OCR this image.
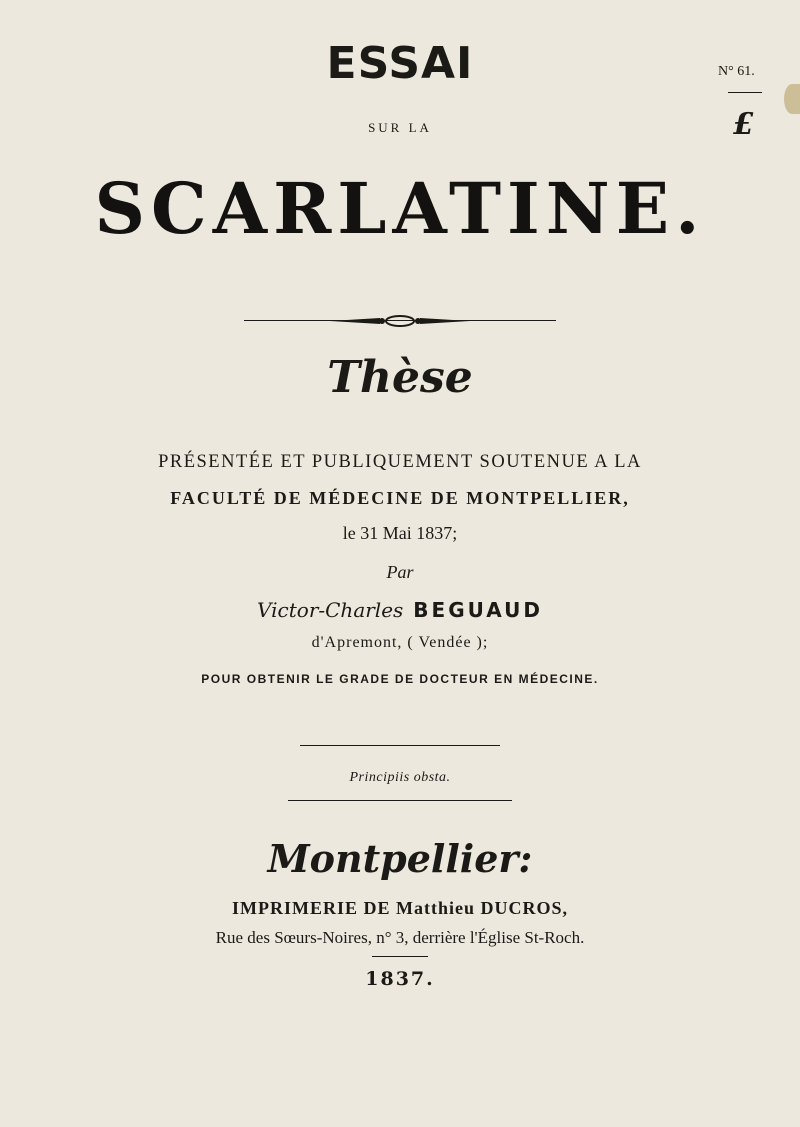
ESSAI	N° 61.
£
SUR LA
SCARLATINE.
Thèse
PRÉSENTÉE ET PUBLIQUEMENT SOUTENUE A LA
FACULTÉ DE MÉDECINE DE MONTPELLIER,
le 31 Mai 1837;
Par
Victor-Charles BEGUAUD
d'Apremont, ( Vendée );
POUR OBTENIR LE GRADE DE DOCTEUR EN MÉDECINE.
Principiis obsta.
Montpellier:
IMPRIMERIE DE Matthieu DUCROS,
Rue des Sœurs-Noires, n° 3, derrière l'Église St-Roch.
1837.
